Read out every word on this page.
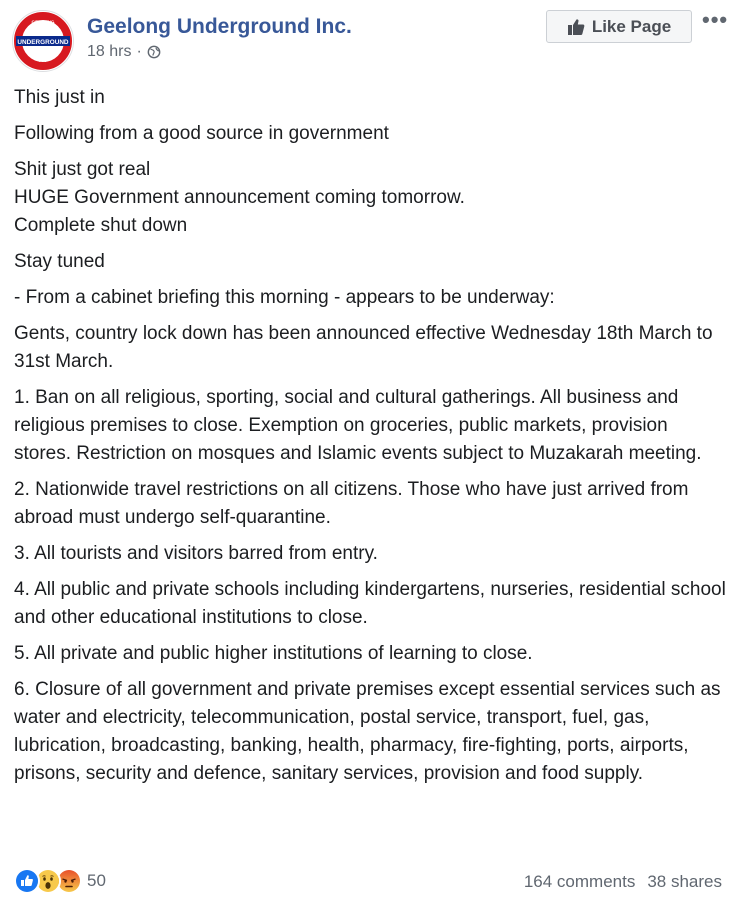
UNDERGROUND
GEELONG
INC
Geelong Underground Inc.
18 hrs ·
Like Page •••

This just in

Following from a good source in government

Shit just got real
HUGE Government announcement coming tomorrow.
Complete shut down

Stay tuned

- From a cabinet briefing this morning - appears to be underway:

Gents, country lock down has been announced effective Wednesday 18th March to 31st March.

1. Ban on all religious, sporting, social and cultural gatherings. All business and religious premises to close. Exemption on groceries, public markets, provision stores. Restriction on mosques and Islamic events subject to Muzakarah meeting.

2. Nationwide travel restrictions on all citizens. Those who have just arrived from abroad must undergo self-quarantine.

3. All tourists and visitors barred from entry.

4. All public and private schools including kindergartens, nurseries, residential school and other educational institutions to close.

5. All private and public higher institutions of learning to close.

6. Closure of all government and private premises except essential services such as water and electricity, telecommunication, postal service, transport, fuel, gas, lubrication, broadcasting, banking, health, pharmacy, fire-fighting, ports, airports, prisons, security and defence, sanitary services, provision and food supply.

50	164 comments 38 shares
